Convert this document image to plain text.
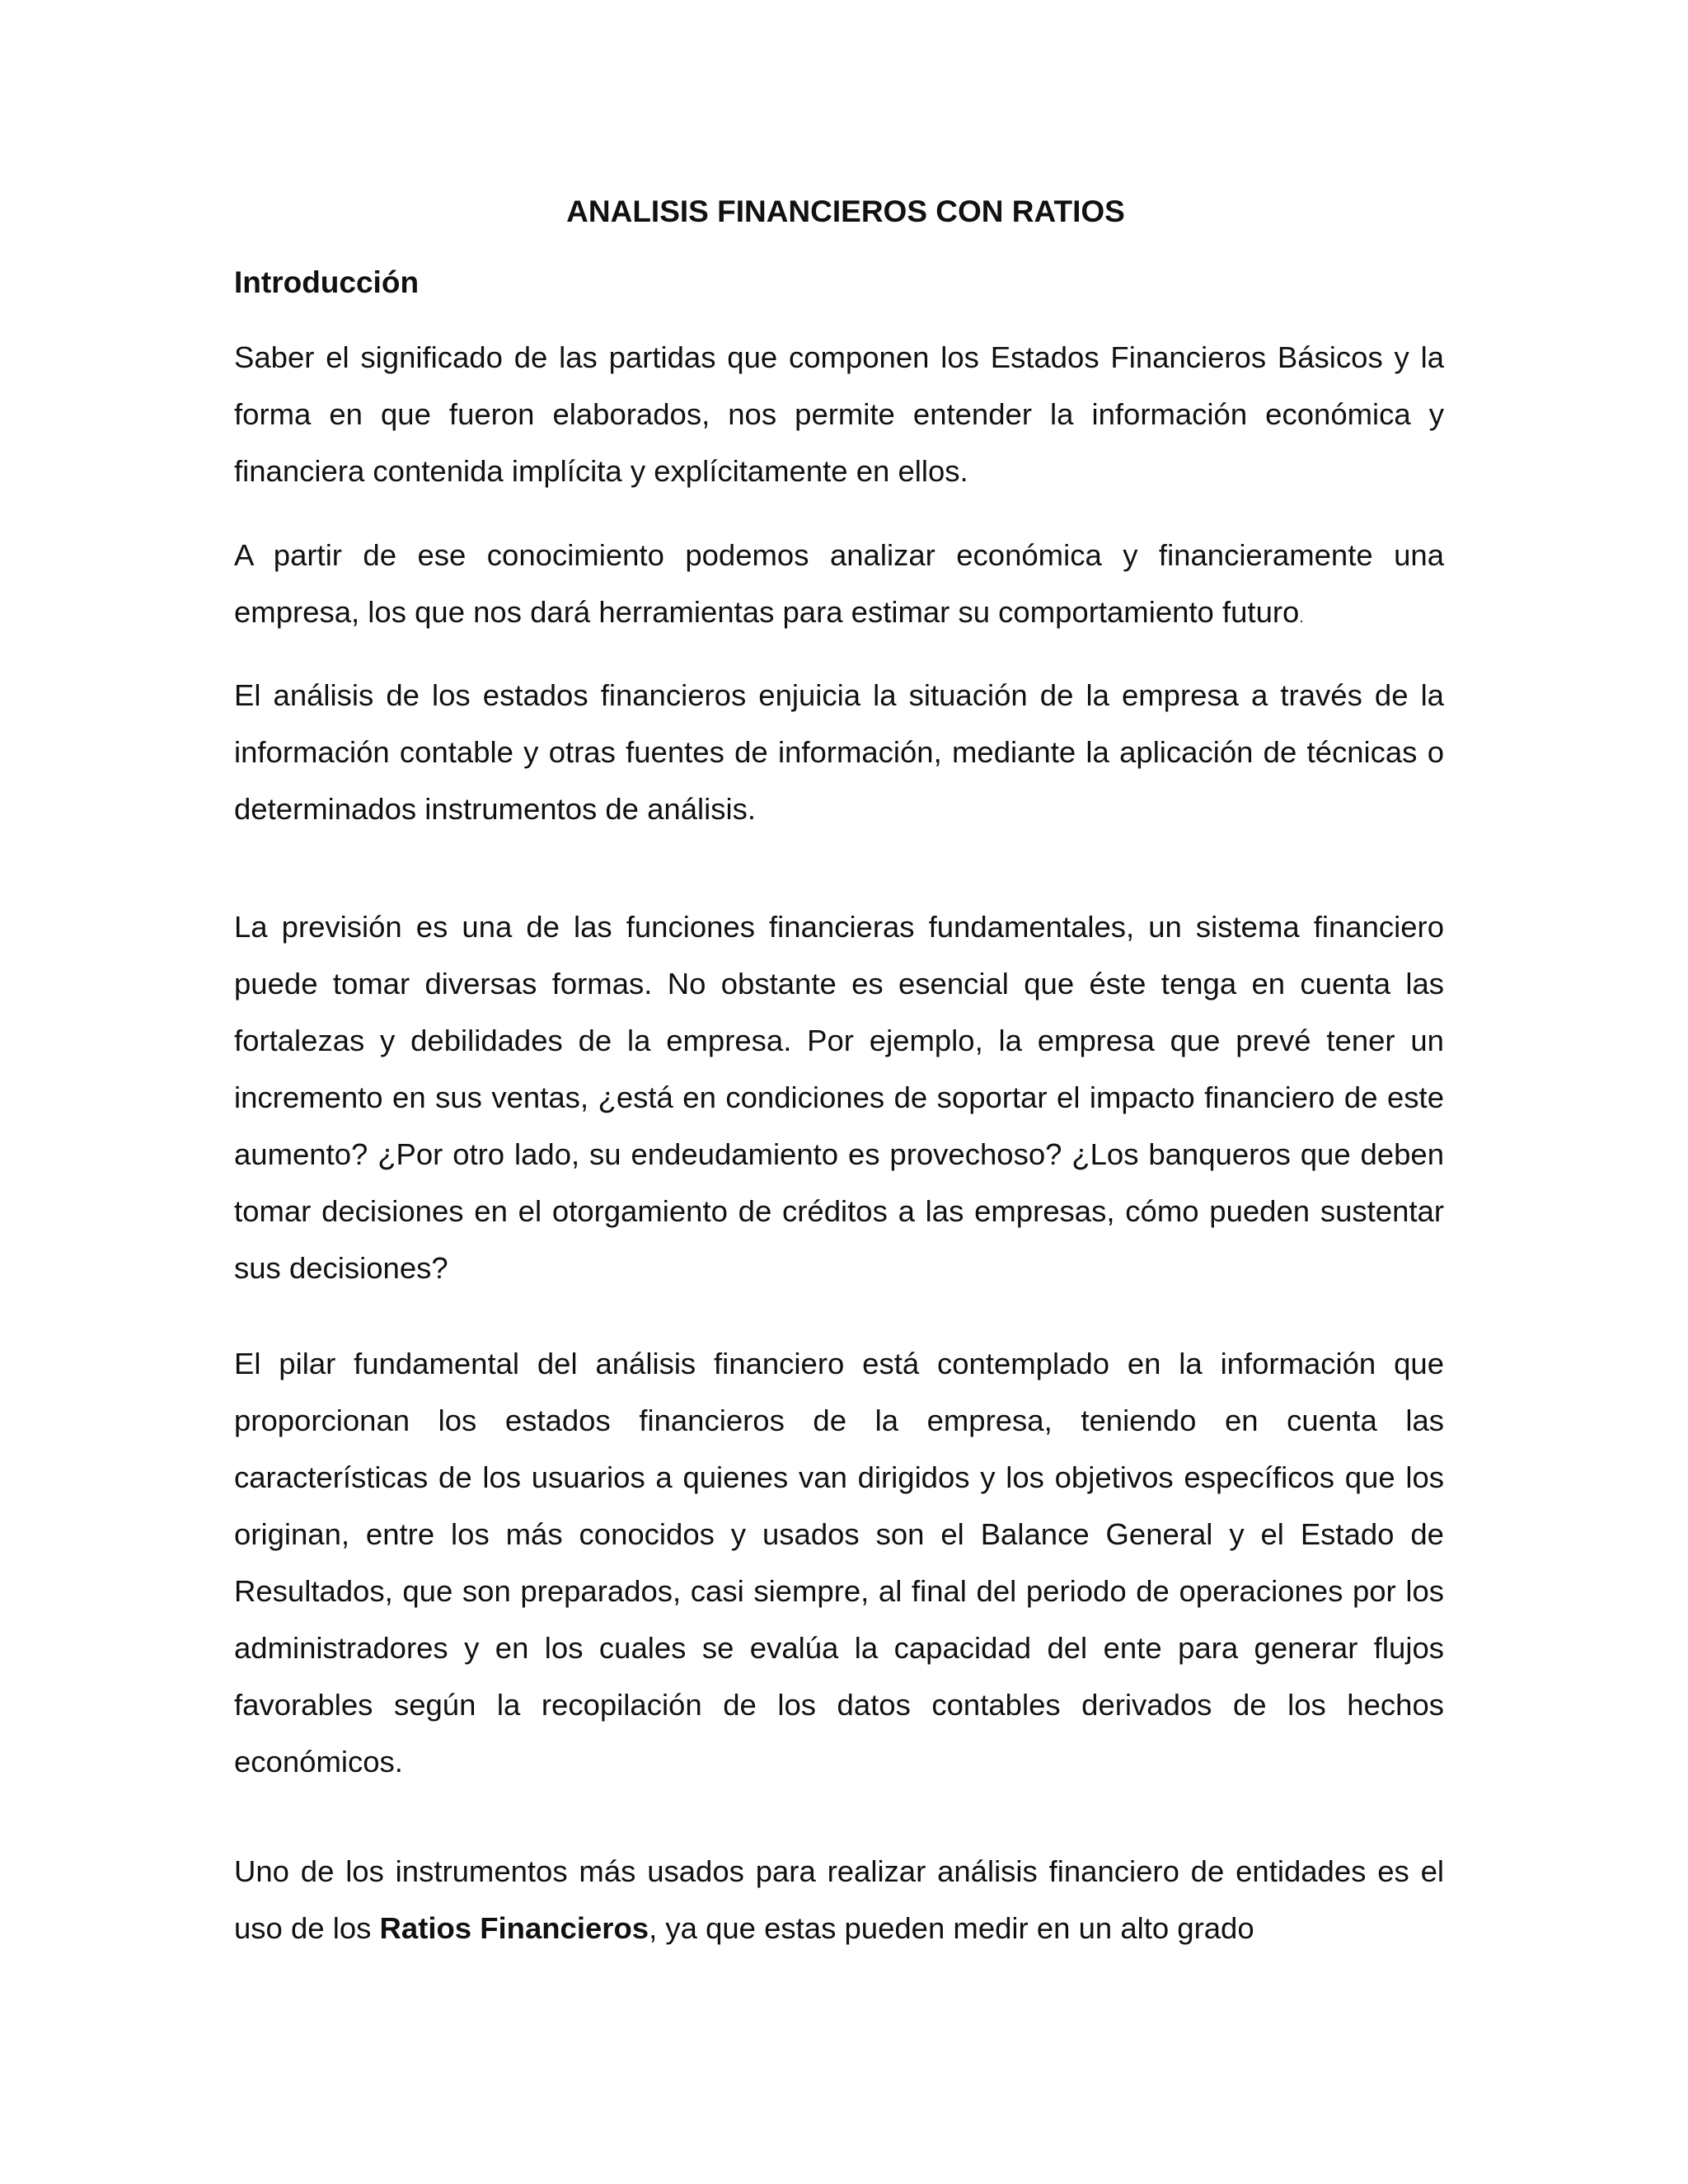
ANALISIS FINANCIEROS CON RATIOS
Introducción

Saber el significado de las partidas que componen los Estados Financieros Básicos y la forma en que fueron elaborados, nos permite entender la información económica y financiera contenida implícita y explícitamente en ellos.

A partir de ese conocimiento podemos analizar económica y financieramente una empresa, los que nos dará herramientas para estimar su comportamiento futuro.

El análisis de los estados financieros enjuicia la situación de la empresa a través de la información contable y otras fuentes de información, mediante la aplicación de técnicas o determinados instrumentos de análisis.

La previsión es una de las funciones financieras fundamentales, un sistema financiero puede tomar diversas formas. No obstante es esencial que éste tenga en cuenta las fortalezas y debilidades de la empresa. Por ejemplo, la empresa que prevé tener un incremento en sus ventas, ¿está en condiciones de soportar el impacto financiero de este aumento? ¿Por otro lado, su endeudamiento es provechoso? ¿Los banqueros que deben tomar decisiones en el otorgamiento de créditos a las empresas, cómo pueden sustentar sus decisiones?

El pilar fundamental del análisis financiero está contemplado en la información que proporcionan los estados financieros de la empresa, teniendo en cuenta las características de los usuarios a quienes van dirigidos y los objetivos específicos que los originan, entre los más conocidos y usados son el Balance General y el Estado de Resultados, que son preparados, casi siempre, al final del periodo de operaciones por los administradores y en los cuales se evalúa la capacidad del ente para generar flujos favorables según la recopilación de los datos contables derivados de los hechos económicos.

Uno de los instrumentos más usados para realizar análisis financiero de entidades es el uso de los Ratios Financieros, ya que estas pueden medir en un alto grado
